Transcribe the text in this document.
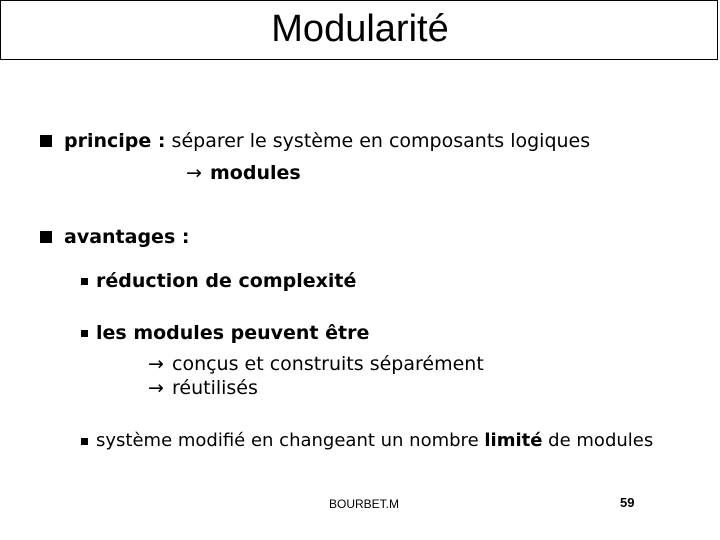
Modularité
principe : séparer le système en composants logiques
→ modules
avantages :
réduction de complexité
les modules peuvent être
→ conçus et construits séparément
→ réutilisés
système modifié en changeant un nombre limité de modules
BOURBET.M	59
